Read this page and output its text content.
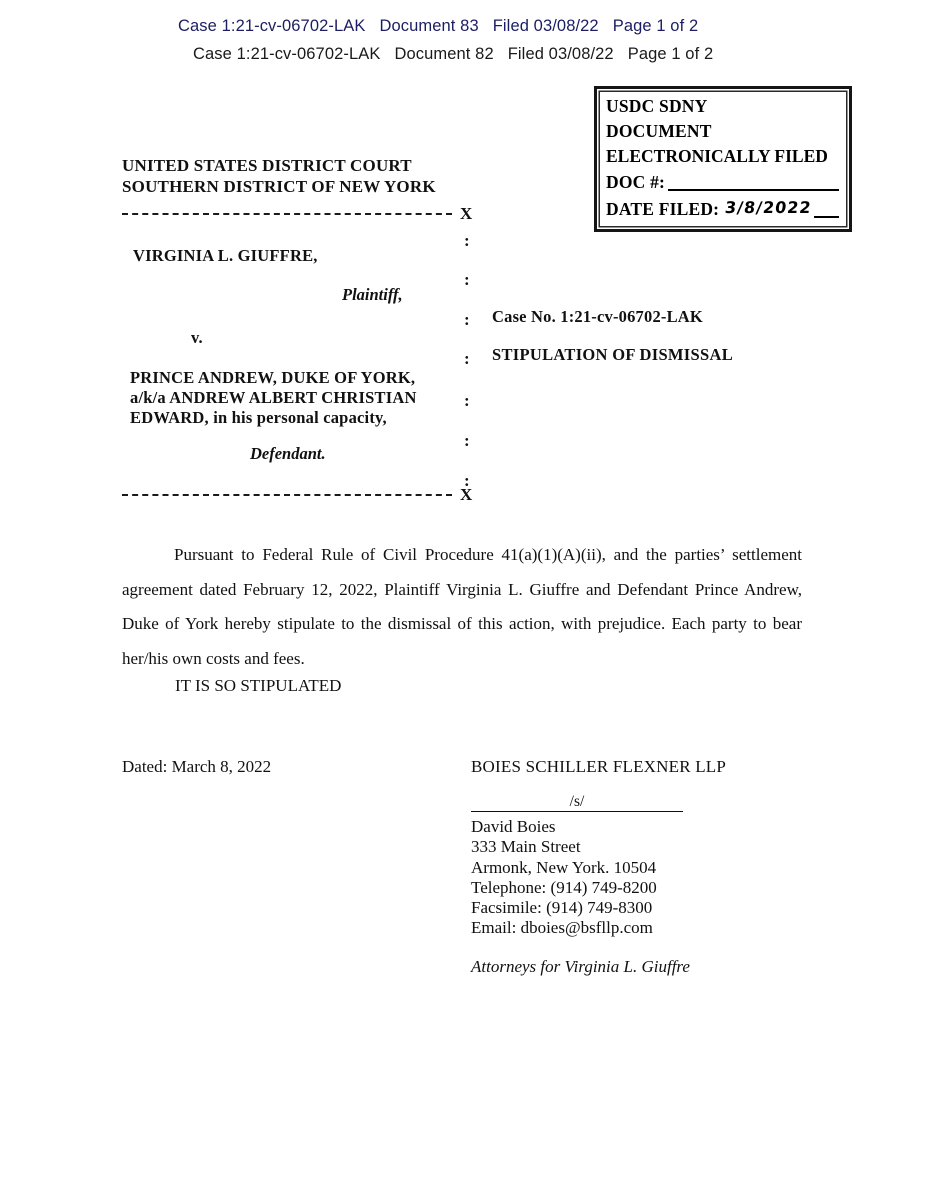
Case 1:21-cv-06702-LAK Document 83 Filed 03/08/22 Page 1 of 2
Case 1:21-cv-06702-LAK Document 82 Filed 03/08/22 Page 1 of 2
USDC SDNY
DOCUMENT
ELECTRONICALLY FILED
DOC #:
DATE FILED: 3/8/2022
UNITED STATES DISTRICT COURT
SOUTHERN DISTRICT OF NEW YORK
X
X
:
:
:
:
:
:
:
VIRGINIA L. GIUFFRE,
Plaintiff,
v.
PRINCE ANDREW, DUKE OF YORK,
a/k/a ANDREW ALBERT CHRISTIAN
EDWARD, in his personal capacity,
Defendant.
Case No. 1:21-cv-06702-LAK
STIPULATION OF DISMISSAL
Pursuant to Federal Rule of Civil Procedure 41(a)(1)(A)(ii), and the parties’ settlement agreement dated February 12, 2022, Plaintiff Virginia L. Giuffre and Defendant Prince Andrew, Duke of York hereby stipulate to the dismissal of this action, with prejudice. Each party to bear her/his own costs and fees.
IT IS SO STIPULATED
Dated: March 8, 2022	BOIES SCHILLER FLEXNER LLP
/s/
David Boies
333 Main Street
Armonk, New York. 10504
Telephone: (914) 749-8200
Facsimile: (914) 749-8300
Email: dboies@bsfllp.com
Attorneys for Virginia L. Giuffre
